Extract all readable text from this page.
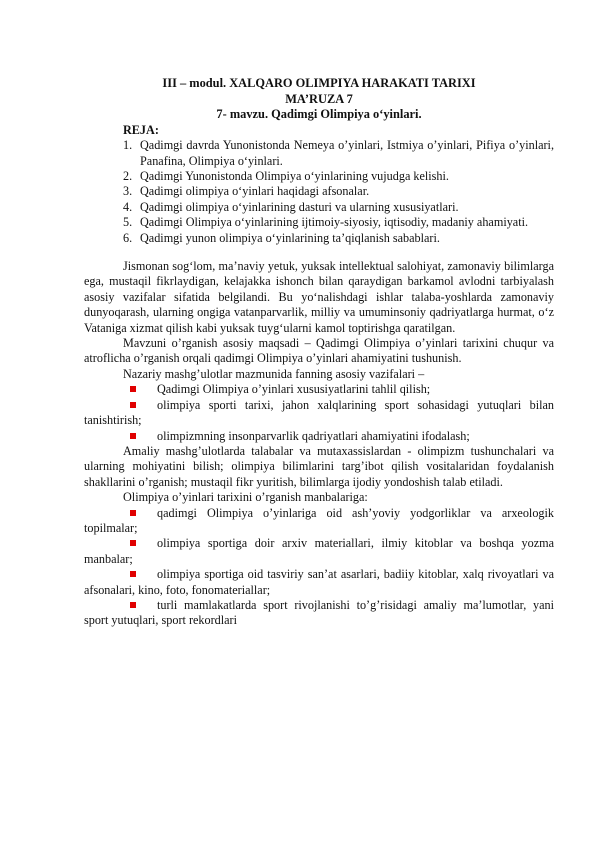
III – modul. XALQARO OLIMPIYA HARAKATI TARIXI

MA’RUZA 7

7- mavzu. Qadimgi Olimpiya o‘yinlari.

REJA:
1. Qadimgi davrda Yunonistonda Nemeya o’yinlari, Istmiya o’yinlari, Pifiya o’yinlari, Panafina, Olimpiya o‘yinlari.
2. Qadimgi Yunonistonda Olimpiya o‘yinlarining vujudga kelishi.
3. Qadimgi olimpiya o‘yinlari haqidagi afsonalar.
4. Qadimgi olimpiya o‘yinlarining dasturi va ularning xususiyatlari.
5. Qadimgi Olimpiya o‘yinlarining ijtimoiy-siyosiy, iqtisodiy, madaniy ahamiyati.
6. Qadimgi yunon olimpiya o‘yinlarining ta’qiqlanish sabablari.

Jismonan sog‘lom, ma’naviy yetuk, yuksak intellektual salohiyat, zamonaviy bilimlarga ega, mustaqil fikrlaydigan, kelajakka ishonch bilan qaraydigan barkamol avlodni tarbiyalash asosiy vazifalar sifatida belgilandi. Bu yo‘nalishdagi ishlar talaba-yoshlarda zamonaviy dunyoqarash, ularning ongiga vatanparvarlik, milliy va umuminsoniy qadriyatlarga hurmat, o‘z Vataniga xizmat qilish kabi yuksak tuyg‘ularni kamol toptirishga qaratilgan.

Mavzuni o’rganish asosiy maqsadi – Qadimgi Olimpiya o’yinlari tarixini chuqur va atroflicha o’rganish orqali qadimgi Olimpiya o’yinlari ahamiyatini tushunish.

Nazariy mashg’ulotlar mazmunida fanning asosiy vazifalari –

Qadimgi Olimpiya o’yinlari xususiyatlarini tahlil qilish;
olimpiya sporti tarixi, jahon xalqlarining sport sohasidagi yutuqlari bilan tanishtirish;
olimpizmning insonparvarlik qadriyatlari ahamiyatini ifodalash;

Amaliy mashg’ulotlarda talabalar va mutaxassislardan - olimpizm tushunchalari va ularning mohiyatini bilish; olimpiya bilimlarini targ’ibot qilish vositalaridan foydalanish shakllarini o’rganish; mustaqil fikr yuritish, bilimlarga ijodiy yondoshish talab etiladi.

Olimpiya o’yinlari tarixini o’rganish manbalariga:

qadimgi Olimpiya o’yinlariga oid ash’yoviy yodgorliklar va arxeologik topilmalar;
olimpiya sportiga doir arxiv materiallari, ilmiy kitoblar va boshqa yozma manbalar;
olimpiya sportiga oid tasviriy san’at asarlari, badiiy kitoblar, xalq rivoyatlari va afsonalari, kino, foto, fonomateriallar;
turli mamlakatlarda sport rivojlanishi to’g’risidagi amaliy ma’lumotlar, yani sport yutuqlari, sport rekordlari
